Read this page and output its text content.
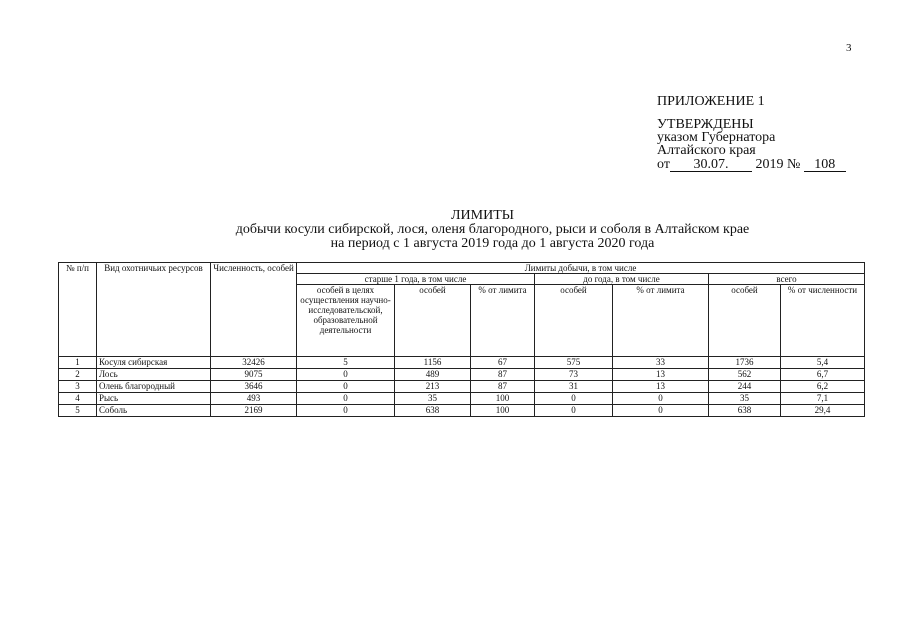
3
ПРИЛОЖЕНИЕ 1
УТВЕРЖДЕНЫ
указом Губернатора
Алтайского края
от 30.07. 2019 № 108
ЛИМИТЫ
добычи косули сибирской, лося, оленя благородного, рыси и соболя в Алтайском крае
на период с 1 августа 2019 года до 1 августа 2020 года
№ п/п	Вид охотничьих ресурсов	Численность, особей	Лимиты добычи, в том числе						
			старше 1 года, в том числе			до года, в том числе		всего	
			особей в целях осуществления научно-исследовательской, образовательной деятельности	особей	% от лимита	особей	% от лимита	особей	% от численности
1	Косуля сибирская	32426	5	1156	67	575	33	1736	5,4
2	Лось	9075	0	489	87	73	13	562	6,7
3	Олень благородный	3646	0	213	87	31	13	244	6,2
4	Рысь	493	0	35	100	0	0	35	7,1
5	Соболь	2169	0	638	100	0	0	638	29,4
